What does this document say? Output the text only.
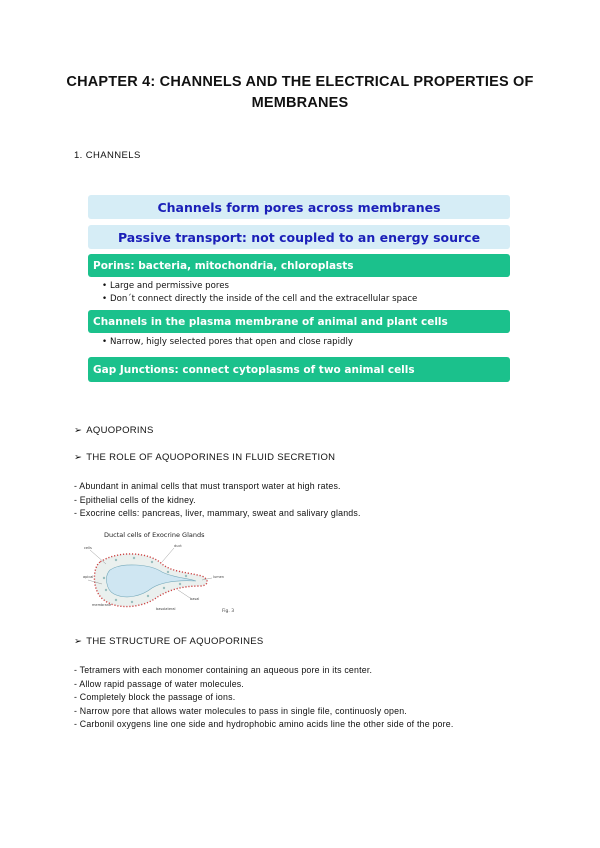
CHAPTER 4: CHANNELS AND THE ELECTRICAL PROPERTIES OF MEMBRANES
1. CHANNELS
Channels form pores across membranes
Passive transport: not coupled to an energy source
Porins: bacteria, mitochondria, chloroplasts
• Large and permissive pores
• Don´t connect directly the inside of the cell and the extracellular space
Channels in the plasma membrane of animal and plant cells
• Narrow, higly selected pores that open and close rapidly
Gap Junctions: connect cytoplasms of two animal cells
➢ AQUOPORINS
➢ THE ROLE OF AQUOPORINES IN FLUID SECRETION
- Abundant in animal cells that must transport water at high rates.
- Epithelial cells of the kidney.
- Exocrine cells: pancreas, liver, mammary, sweat and salivary glands.
Ductal cells of Exocrine Glands
cells	duct
lumen
apical
basal
basolateral
membrane
Fig. 3
➢ THE STRUCTURE OF AQUOPORINES
- Tetramers with each monomer containing an aqueous pore in its center.
- Allow rapid passage of water molecules.
- Completely block the passage of ions.
- Narrow pore that allows water molecules to pass in single file, continuosly open.
- Carbonil oxygens line one side and hydrophobic amino acids line the other side of the pore.
